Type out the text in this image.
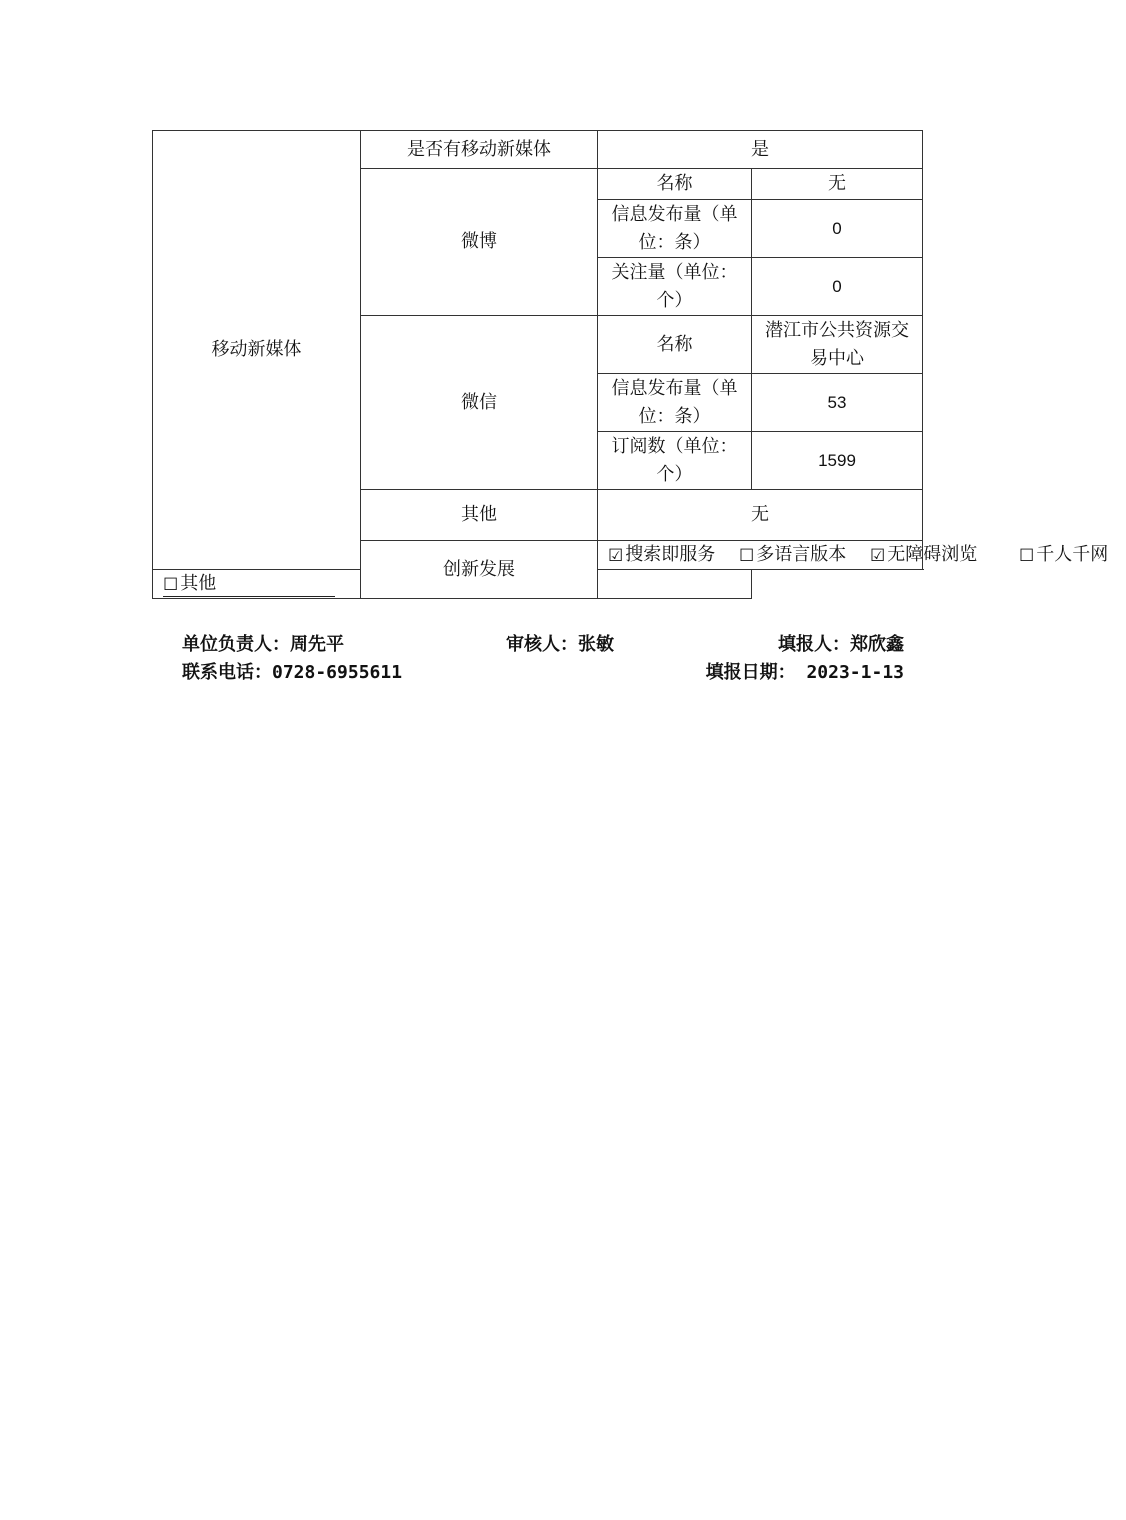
移动新媒体	是否有移动新媒体	是	
	微博	名称	无
		信息发布量（单位：条）	0
		关注量（单位：个）	0
	微信	名称	潜江市公共资源交易中心
		信息发布量（单位：条）	53
		订阅数（单位：个）	1599
	其他	无	
	创新发展	☑ 搜索即服务 ☐ 多语言版本 ☑ 无障碍浏览 ☐ 千人千网	
☐ 其他			
单位负责人：周先平	审核人：张敏	填报人：郑欣鑫
联系电话：0728-6955611	填报日期： 2023-1-13
